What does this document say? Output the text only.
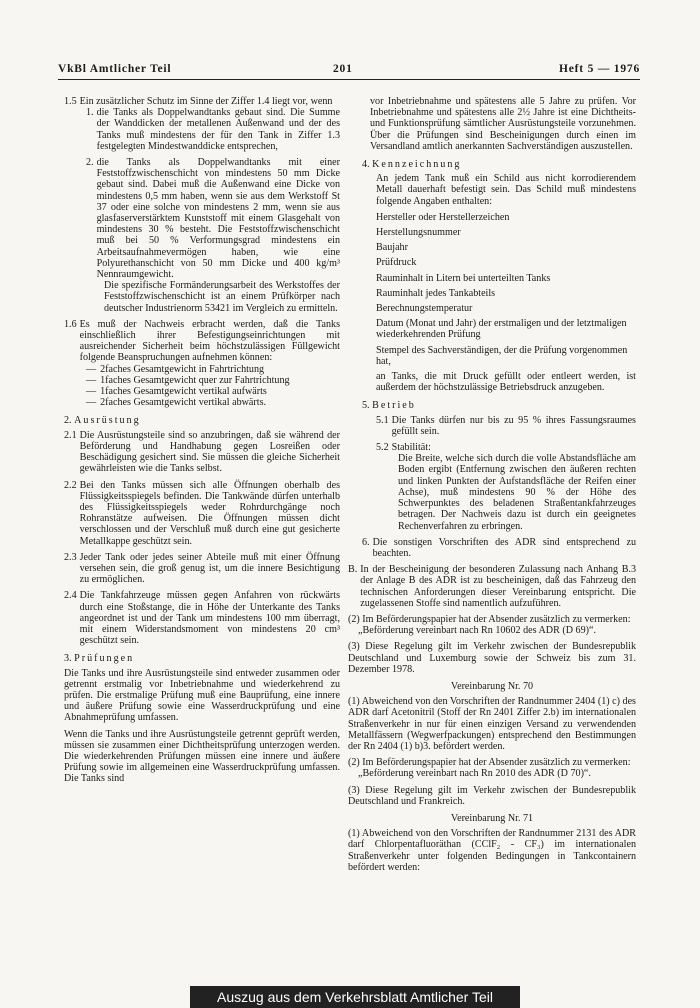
VkBl Amtlicher Teil	201	Heft 5 — 1976
1.5 Ein zusätzlicher Schutz im Sinne der Ziffer 1.4 liegt vor, wenn
1. die Tanks als Doppelwandtanks gebaut sind. Die Summe der Wanddicken der metallenen Außenwand und der des Tanks muß mindestens der für den Tank in Ziffer 1.3 festgelegten Mindestwanddicke entsprechen,
2. die Tanks als Doppelwandtanks mit einer Feststoffzwischenschicht von mindestens 50 mm Dicke gebaut sind. Dabei muß die Außenwand eine Dicke von mindestens 0,5 mm haben, wenn sie aus dem Werkstoff St 37 oder eine solche von mindestens 2 mm, wenn sie aus glasfaserverstärktem Kunststoff mit einem Glasgehalt von mindestens 30 % besteht. Die Feststoffzwischenschicht muß bei 50 % Verformungsgrad mindestens ein Arbeitsaufnahmevermögen haben, wie eine Polyurethanschicht von 50 mm Dicke und 400 kg/m³ Nennraumgewicht.
Die spezifische Formänderungsarbeit des Werkstoffes der Feststoffzwischenschicht ist an einem Prüfkörper nach deutscher Industrienorm 53421 im Vergleich zu ermitteln.
1.6 Es muß der Nachweis erbracht werden, daß die Tanks einschließlich ihrer Befestigungseinrichtungen mit ausreichender Sicherheit beim höchstzulässigen Füllgewicht folgende Beanspruchungen aufnehmen können:
— 2faches Gesamtgewicht in Fahrtrichtung
— 1faches Gesamtgewicht quer zur Fahrtrichtung
— 1faches Gesamtgewicht vertikal aufwärts
— 2faches Gesamtgewicht vertikal abwärts.
2. Ausrüstung
2.1 Die Ausrüstungsteile sind so anzubringen, daß sie während der Beförderung und Handhabung gegen Losreißen oder Beschädigung gesichert sind. Sie müssen die gleiche Sicherheit gewährleisten wie die Tanks selbst.
2.2 Bei den Tanks müssen sich alle Öffnungen oberhalb des Flüssigkeitsspiegels befinden. Die Tankwände dürfen unterhalb des Flüssigkeitsspiegels weder Rohrdurchgänge noch Rohranstätze aufweisen. Die Öffnungen müssen dicht verschlossen und der Verschluß muß durch eine gut gesicherte Metallkappe geschützt sein.
2.3 Jeder Tank oder jedes seiner Abteile muß mit einer Öffnung versehen sein, die groß genug ist, um die innere Besichtigung zu ermöglichen.
2.4 Die Tankfahrzeuge müssen gegen Anfahren von rückwärts durch eine Stoßstange, die in Höhe der Unterkante des Tanks angeordnet ist und der Tank um mindestens 100 mm überragt, mit einem Widerstandsmoment von mindestens 20 cm³ geschützt sein.
3. Prüfungen
Die Tanks und ihre Ausrüstungsteile sind entweder zusammen oder getrennt erstmalig vor Inbetriebnahme und wiederkehrend zu prüfen. Die erstmalige Prüfung muß eine Bauprüfung, eine innere und äußere Prüfung sowie eine Wasserdruckprüfung und eine Abnahmeprüfung umfassen.
Wenn die Tanks und ihre Ausrüstungsteile getrennt geprüft werden, müssen sie zusammen einer Dichtheitsprüfung unterzogen werden. Die wiederkehrenden Prüfungen müssen eine innere und äußere Prüfung sowie im allgemeinen eine Wasserdruckprüfung umfassen. Die Tanks sind
vor Inbetriebnahme und spätestens alle 5 Jahre zu prüfen. Vor Inbetriebnahme und spätestens alle 2½ Jahre ist eine Dichtheits- und Funktionsprüfung sämtlicher Ausrüstungsteile vorzunehmen. Über die Prüfungen sind Bescheinigungen durch einen im Versandland amtlich anerkannten Sachverständigen auszustellen.
4. Kennzeichnung
An jedem Tank muß ein Schild aus nicht korrodierendem Metall dauerhaft befestigt sein. Das Schild muß mindestens folgende Angaben enthalten:
Hersteller oder Herstellerzeichen
Herstellungsnummer
Baujahr
Prüfdruck
Rauminhalt in Litern bei unterteilten Tanks
Rauminhalt jedes Tankabteils
Berechnungstemperatur
Datum (Monat und Jahr) der erstmaligen und der letztmaligen wiederkehrenden Prüfung
Stempel des Sachverständigen, der die Prüfung vorgenommen hat,
an Tanks, die mit Druck gefüllt oder entleert werden, ist außerdem der höchstzulässige Betriebsdruck anzugeben.
5. Betrieb
5.1 Die Tanks dürfen nur bis zu 95 % ihres Fassungsraumes gefüllt sein.
5.2 Stabilität:
Die Breite, welche sich durch die volle Abstandsfläche am Boden ergibt (Entfernung zwischen den äußeren rechten und linken Punkten der Aufstandsfläche der Reifen einer Achse), muß mindestens 90 % der Höhe des Schwerpunktes des beladenen Straßentankfahrzeuges betragen. Der Nachweis dazu ist durch ein geeignetes Rechenverfahren zu erbringen.
6. Die sonstigen Vorschriften des ADR sind entsprechend zu beachten.
B. In der Bescheinigung der besonderen Zulassung nach Anhang B.3 der Anlage B des ADR ist zu bescheinigen, daß das Fahrzeug den technischen Anforderungen dieser Vereinbarung entspricht. Die zugelassenen Stoffe sind namentlich aufzuführen.
(2) Im Beförderungspapier hat der Absender zusätzlich zu vermerken:
„Beförderung vereinbart nach Rn 10602 des ADR (D 69)“.
(3) Diese Regelung gilt im Verkehr zwischen der Bundesrepublik Deutschland und Luxemburg sowie der Schweiz bis zum 31. Dezember 1978.
Vereinbarung Nr. 70
(1) Abweichend von den Vorschriften der Randnummer 2404 (1) c) des ADR darf Acetonitril (Stoff der Rn 2401 Ziffer 2.b) im internationalen Straßenverkehr in nur für einen einzigen Versand zu verwendenden Metallfässern (Wegwerfpackungen) entsprechend den Bestimmungen der Rn 2404 (1) b)3. befördert werden.
(2) Im Beförderungspapier hat der Absender zusätzlich zu vermerken:
„Beförderung vereinbart nach Rn 2010 des ADR (D 70)“.
(3) Diese Regelung gilt im Verkehr zwischen der Bundesrepublik Deutschland und Frankreich.
Vereinbarung Nr. 71
(1) Abweichend von den Vorschriften der Randnummer 2131 des ADR darf Chlorpentafluoräthan (CClF₂ - CF₃) im internationalen Straßenverkehr unter folgenden Bedingungen in Tankcontainern befördert werden:
Auszug aus dem Verkehrsblatt Amtlicher Teil
